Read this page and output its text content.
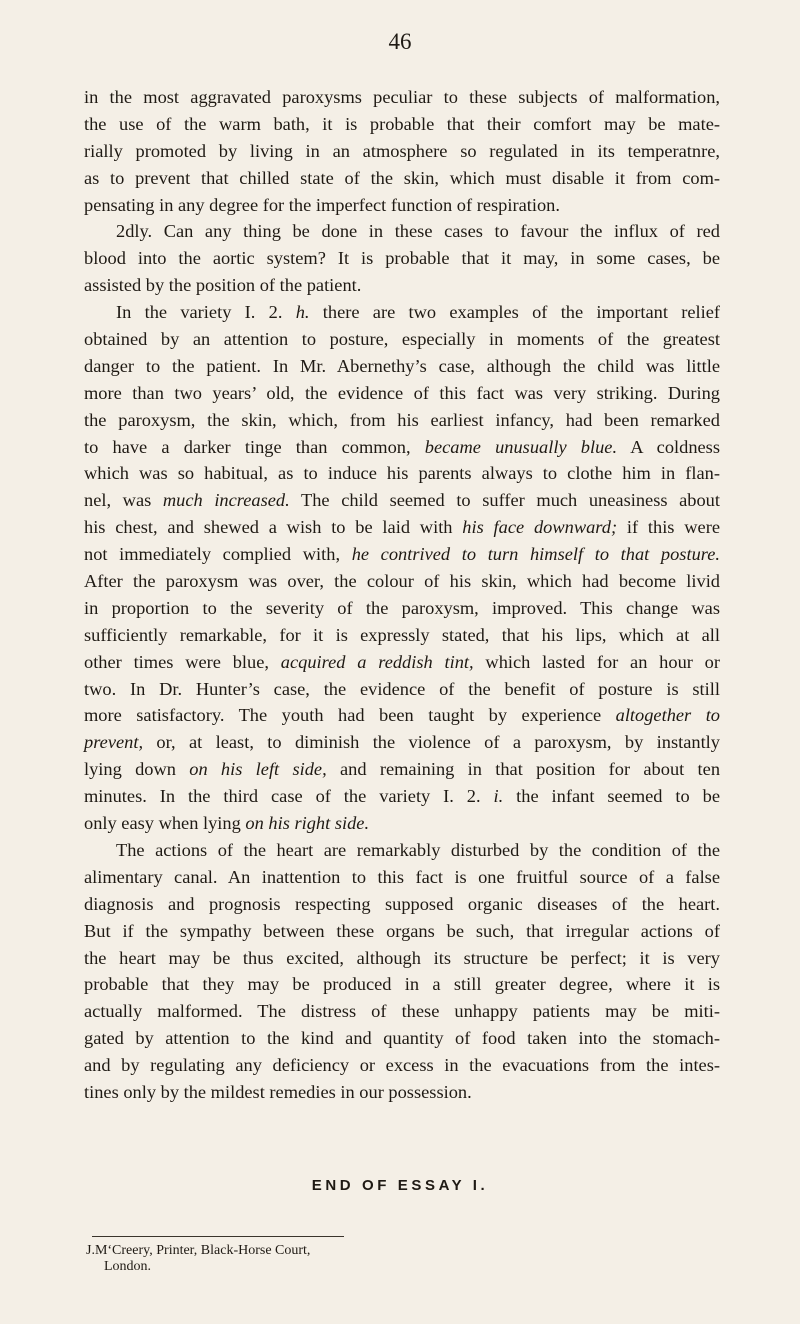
46
in the most aggravated paroxysms peculiar to these subjects of malformation,
the use of the warm bath, it is probable that their comfort may be mate-
rially promoted by living in an atmosphere so regulated in its temperatnre,
as to prevent that chilled state of the skin, which must disable it from com-
pensating in any degree for the imperfect function of respiration.
2dly. Can any thing be done in these cases to favour the influx of red
blood into the aortic system? It is probable that it may, in some cases, be
assisted by the position of the patient.
In the variety I. 2. h. there are two examples of the important relief
obtained by an attention to posture, especially in moments of the greatest
danger to the patient. In Mr. Abernethy’s case, although the child was little
more than two years’ old, the evidence of this fact was very striking. During
the paroxysm, the skin, which, from his earliest infancy, had been remarked
to have a darker tinge than common, became unusually blue. A coldness
which was so habitual, as to induce his parents always to clothe him in flan-
nel, was much increased. The child seemed to suffer much uneasiness about
his chest, and shewed a wish to be laid with his face downward; if this were
not immediately complied with, he contrived to turn himself to that posture.
After the paroxysm was over, the colour of his skin, which had become livid
in proportion to the severity of the paroxysm, improved. This change was
sufficiently remarkable, for it is expressly stated, that his lips, which at all
other times were blue, acquired a reddish tint, which lasted for an hour or
two. In Dr. Hunter’s case, the evidence of the benefit of posture is still
more satisfactory. The youth had been taught by experience altogether to
prevent, or, at least, to diminish the violence of a paroxysm, by instantly
lying down on his left side, and remaining in that position for about ten
minutes. In the third case of the variety I. 2. i. the infant seemed to be
only easy when lying on his right side.
The actions of the heart are remarkably disturbed by the condition of the
alimentary canal. An inattention to this fact is one fruitful source of a false
diagnosis and prognosis respecting supposed organic diseases of the heart.
But if the sympathy between these organs be such, that irregular actions of
the heart may be thus excited, although its structure be perfect; it is very
probable that they may be produced in a still greater degree, where it is
actually malformed. The distress of these unhappy patients may be miti-
gated by attention to the kind and quantity of food taken into the stomach-
and by regulating any deficiency or excess in the evacuations from the intes-
tines only by the mildest remedies in our possession.
END OF ESSAY I.
J.M‘Creery, Printer, Black-Horse Court,
London.
